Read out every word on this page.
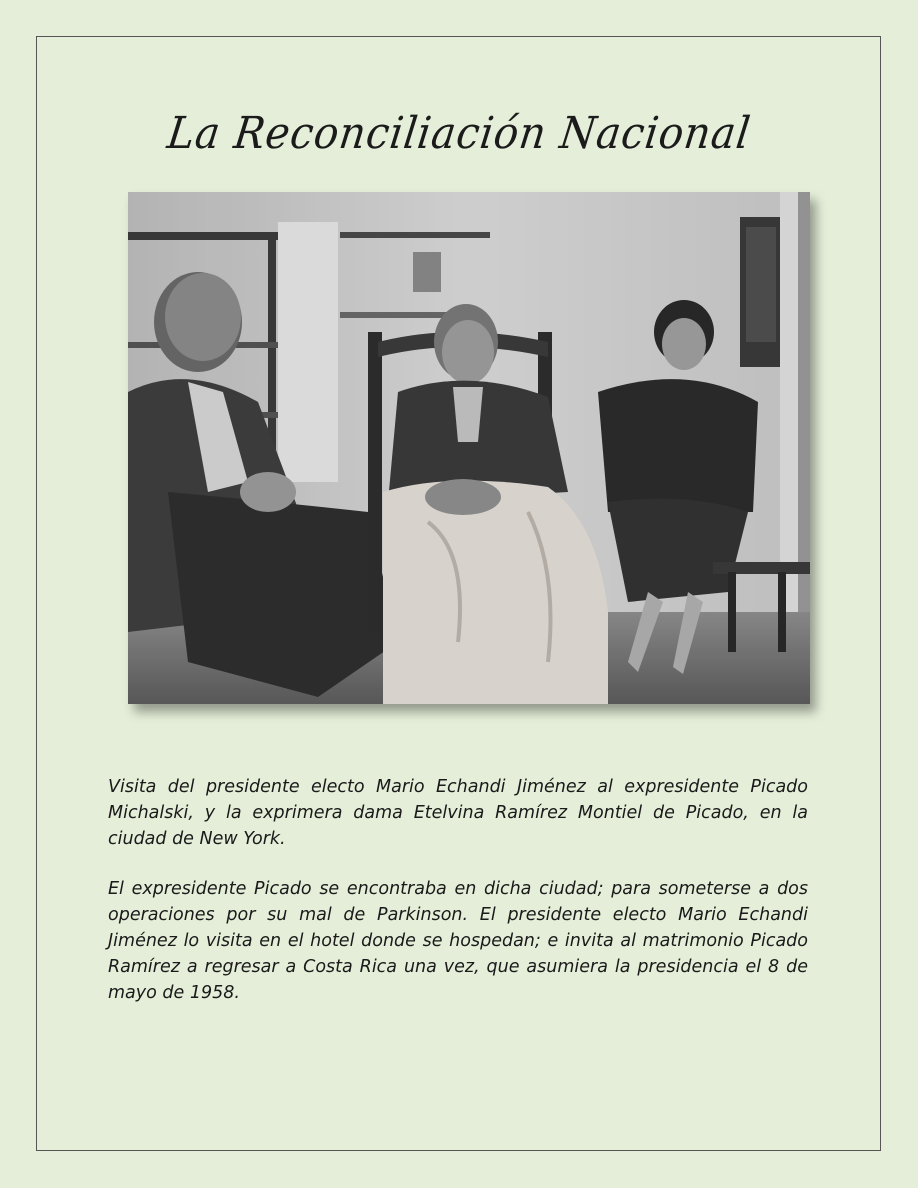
La Reconciliación Nacional

Visita del presidente electo Mario Echandi Jiménez al expresidente Picado Michalski, y la exprimera dama Etelvina Ramírez Montiel de Picado, en la ciudad de New York.

El expresidente Picado se encontraba en dicha ciudad; para someterse a dos operaciones por su mal de Parkinson. El presidente electo Mario Echandi Jiménez lo visita en el hotel donde se hospedan; e invita al matrimonio Picado Ramírez a regresar a Costa Rica una vez, que asumiera la presidencia el 8 de mayo de 1958.
